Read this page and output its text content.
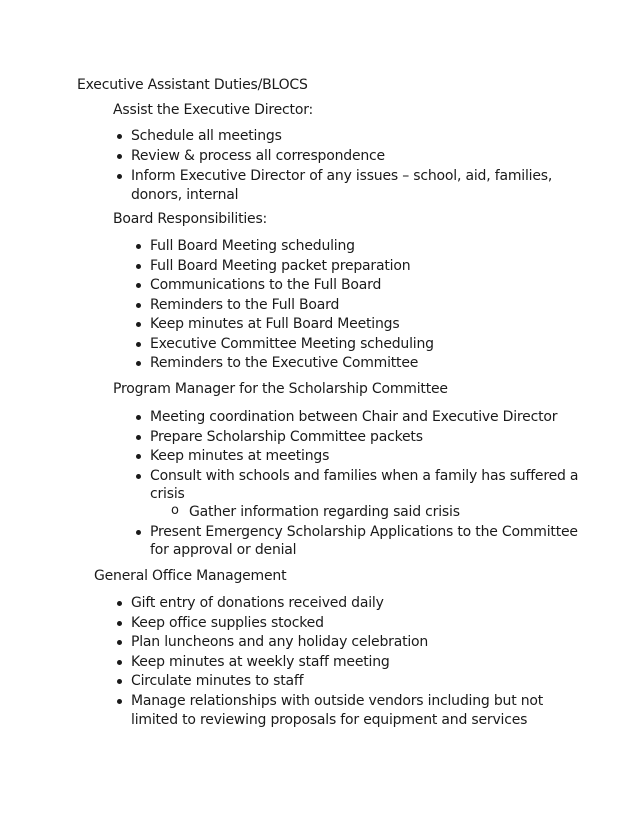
Executive Assistant Duties/BLOCS
Assist the Executive Director:
Schedule all meetings
Review & process all correspondence
Inform Executive Director of any issues – school, aid, families,
donors, internal
Board Responsibilities:
Full Board Meeting scheduling
Full Board Meeting packet preparation
Communications to the Full Board
Reminders to the Full Board
Keep minutes at Full Board Meetings
Executive Committee Meeting scheduling
Reminders to the Executive Committee
Program Manager for the Scholarship Committee
Meeting coordination between Chair and Executive Director
Prepare Scholarship Committee packets
Keep minutes at meetings
Consult with schools and families when a family has suffered a
crisis
o Gather information regarding said crisis
Present Emergency Scholarship Applications to the Committee
for approval or denial
General Office Management
Gift entry of donations received daily
Keep office supplies stocked
Plan luncheons and any holiday celebration
Keep minutes at weekly staff meeting
Circulate minutes to staff
Manage relationships with outside vendors including but not
limited to reviewing proposals for equipment and services
